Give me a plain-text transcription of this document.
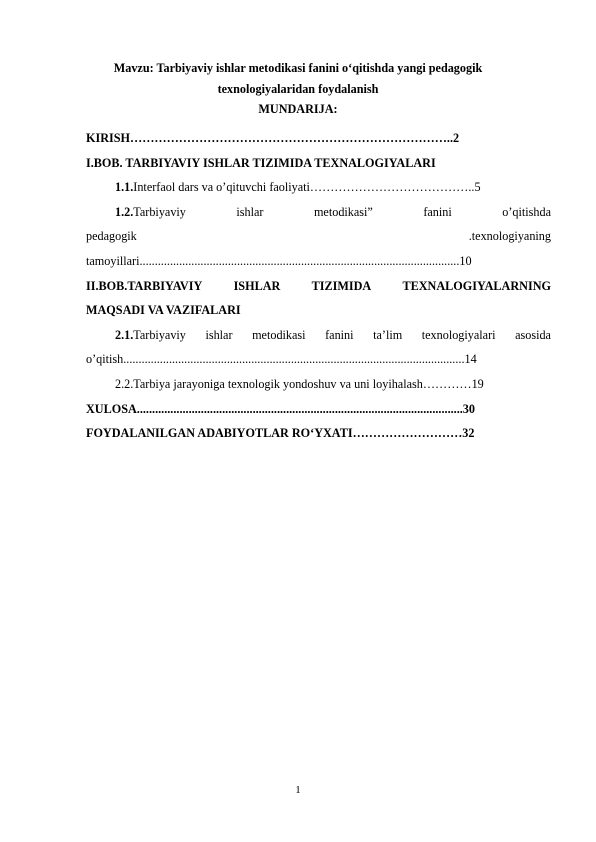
Mavzu: Tarbiyaviy ishlar metodikasi fanini o‘qitishda yangi pedagogik
texnologiyalaridan foydalanish
MUNDARIJA:
KIRISH……………………………………………………………………..2
I.BOB. TARBIYAVIY ISHLAR TIZIMIDA TEXNALOGIYALARI
1.1.Interfaol dars va o’qituvchi faoliyati…………………………………..5
1.2.Tarbiyaviy	ishlar	metodikasi”	fanini	o’qitishda
pedagogik	.texnologiyaning
tamoyillari.........................................................................................................10
II.BOB.TARBIYAVIY	ISHLAR	TIZIMIDA	TEXNALOGIYALARNING
MAQSADI VA VAZIFALARI
2.1.Tarbiyaviy ishlar metodikasi fanini ta’lim texnologiyalari asosida
o’qitish................................................................................................................14
2.2.Tarbiya jarayoniga texnologik yondoshuv va uni loyihalash…………19
XULOSA...........................................................................................................30
FOYDALANILGAN ADABIYOTLAR RO‘YXATI………………………32
1
